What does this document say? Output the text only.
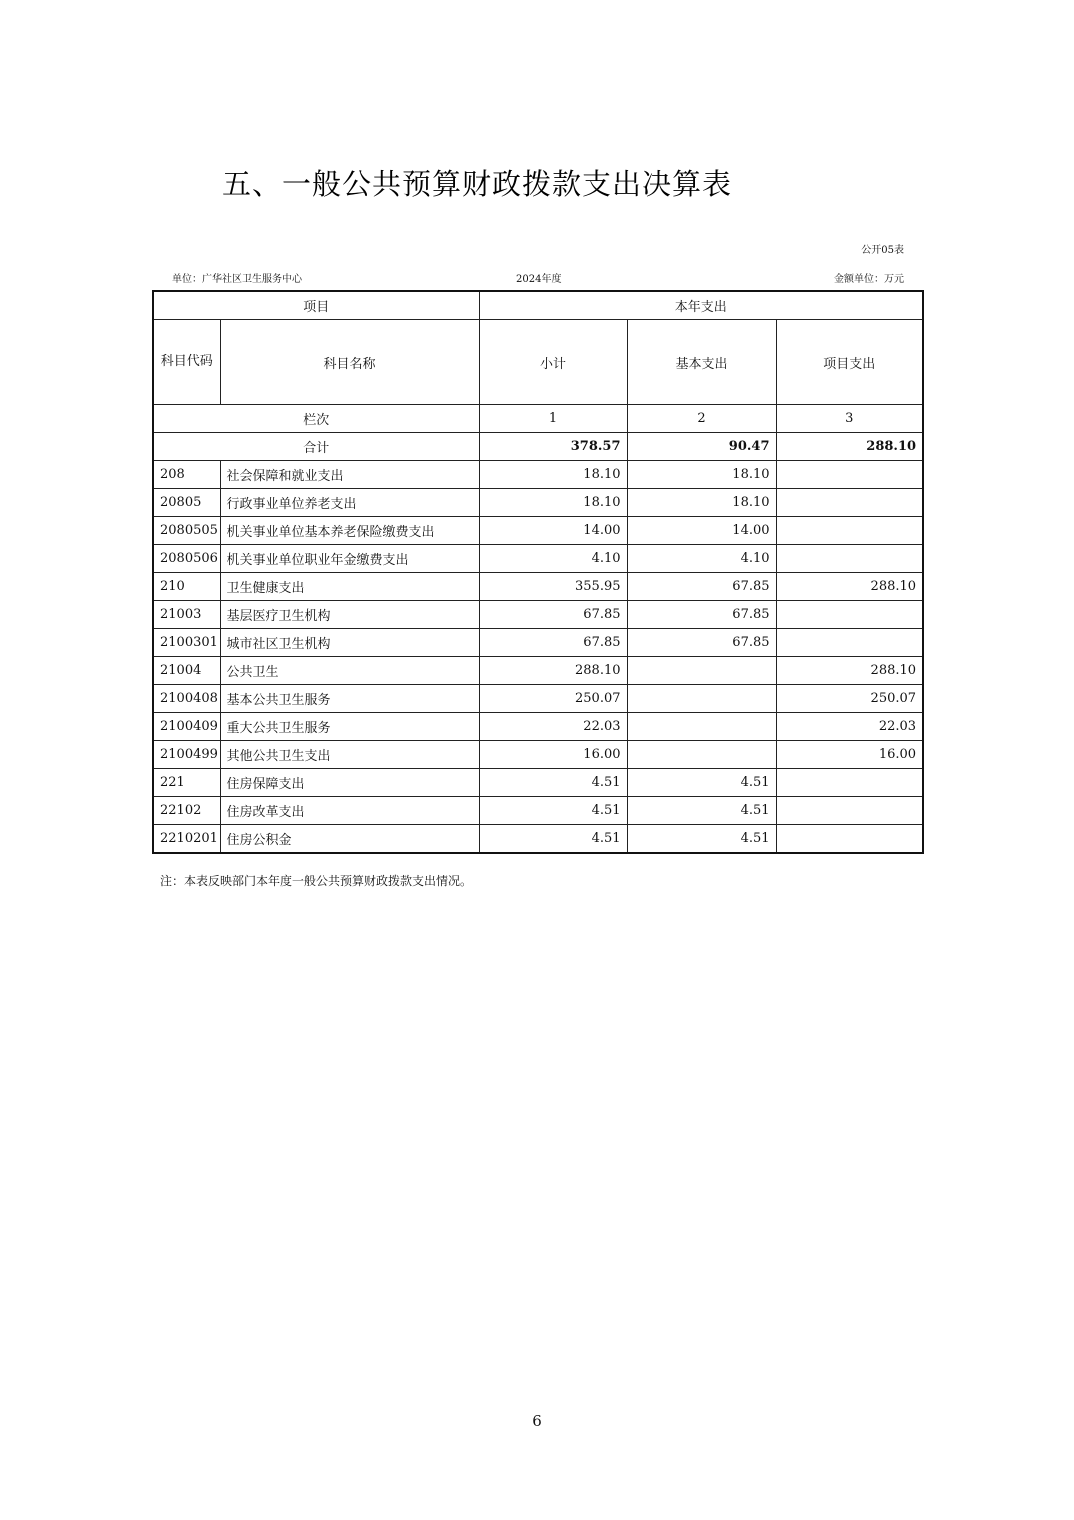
五、一般公共预算财政拨款支出决算表
公开05表
单位：广华社区卫生服务中心	2024年度	金额单位：万元
项目		本年支出		
科目代码	科目名称	小计	基本支出	项目支出
栏次		1	2	3
合计		378.57	90.47	288.10
208	社会保障和就业支出	18.10	18.10	
20805	行政事业单位养老支出	18.10	18.10	
2080505	机关事业单位基本养老保险缴费支出	14.00	14.00	
2080506	机关事业单位职业年金缴费支出	4.10	4.10	
210	卫生健康支出	355.95	67.85	288.10
21003	基层医疗卫生机构	67.85	67.85	
2100301	城市社区卫生机构	67.85	67.85	
21004	公共卫生	288.10		288.10
2100408	基本公共卫生服务	250.07		250.07
2100409	重大公共卫生服务	22.03		22.03
2100499	其他公共卫生支出	16.00		16.00
221	住房保障支出	4.51	4.51	
22102	住房改革支出	4.51	4.51	
2210201	住房公积金	4.51	4.51	
注：本表反映部门本年度一般公共预算财政拨款支出情况。
6
